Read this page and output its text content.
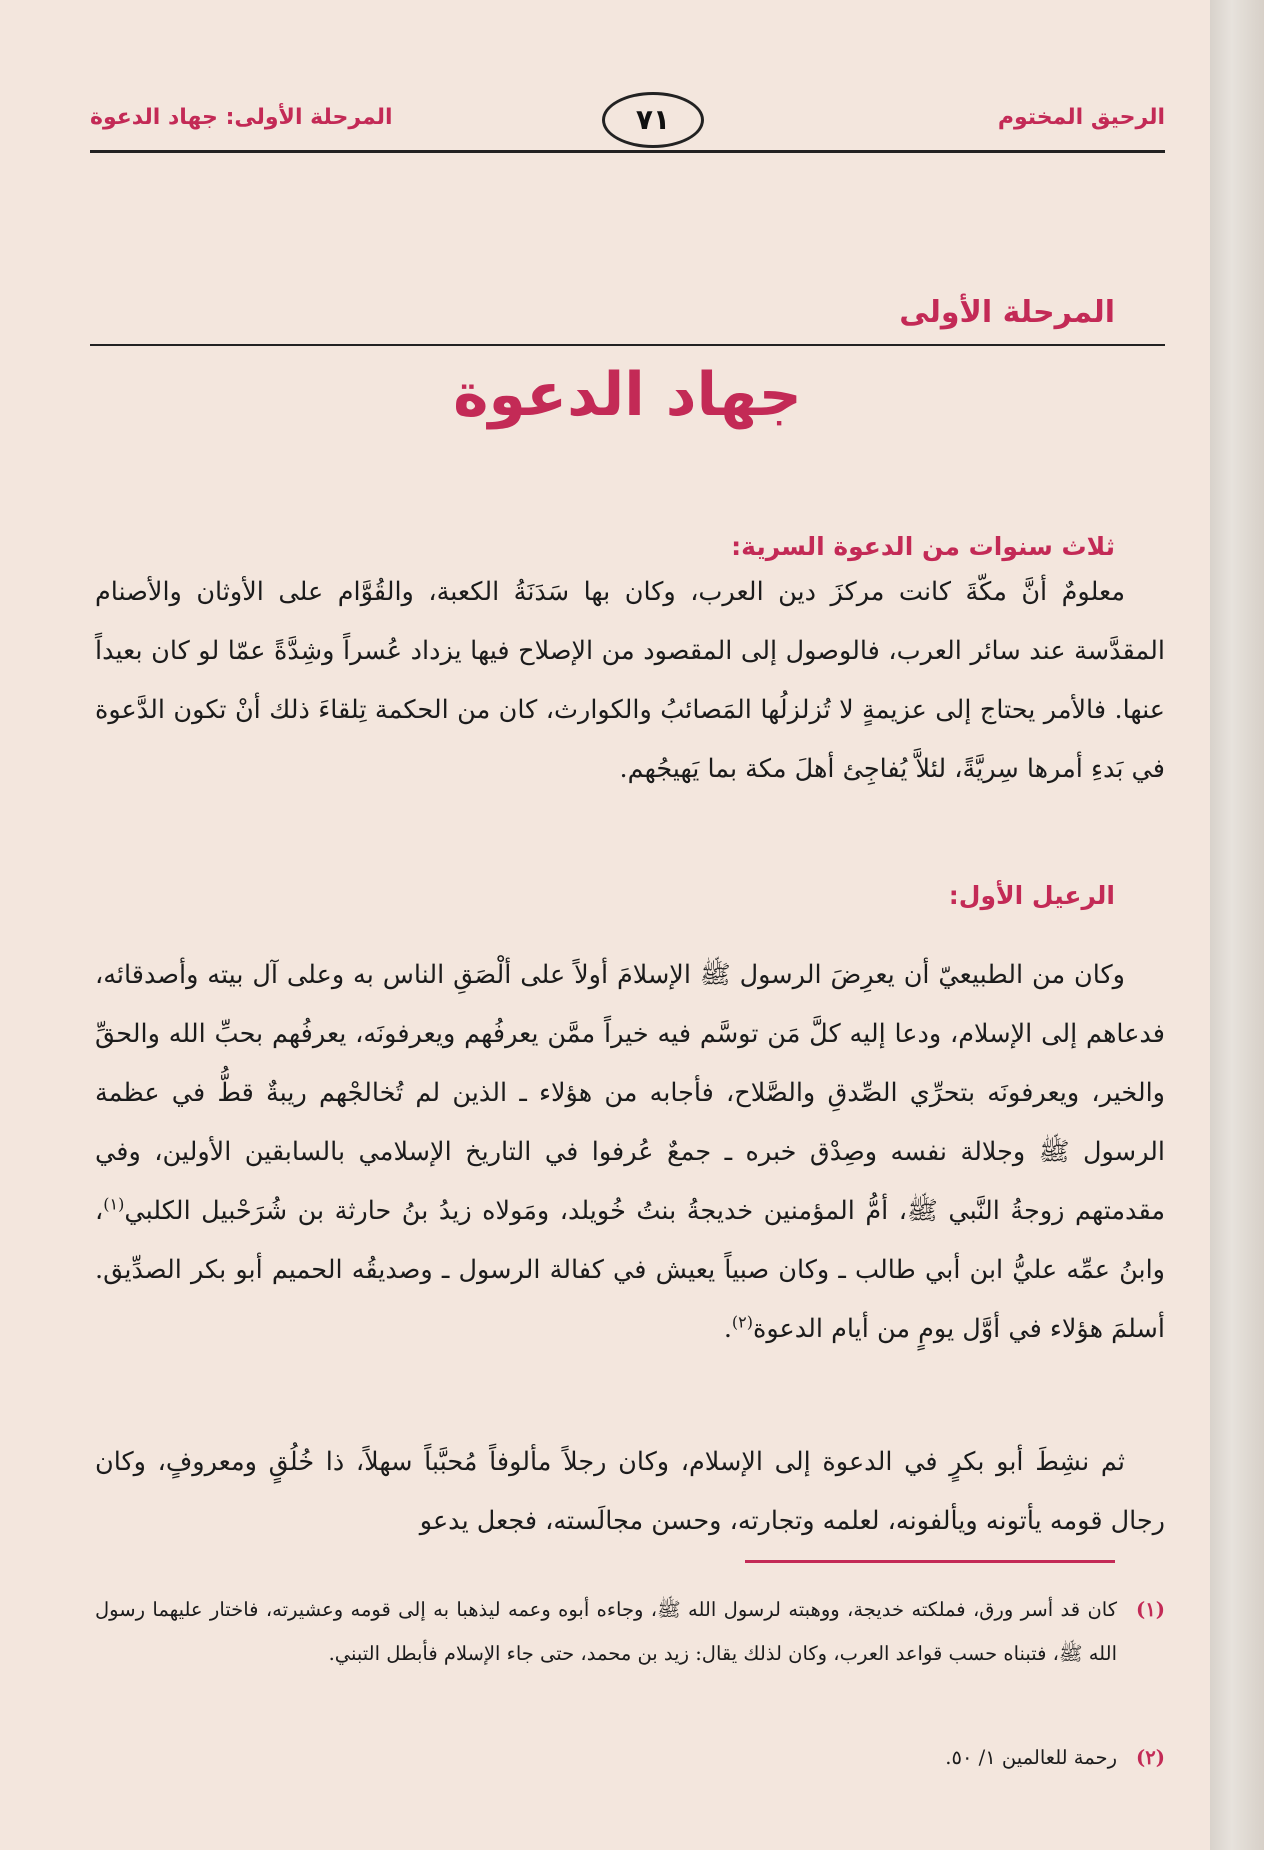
الرحيق المختوم
٧١
المرحلة الأولى: جهاد الدعوة
المرحلة الأولى
جهاد الدعوة
ثلاث سنوات من الدعوة السرية:
معلومٌ أنَّ مكّةَ كانت مركزَ دين العرب، وكان بها سَدَنَةُ الكعبة، والقُوَّام على الأوثان والأصنام المقدَّسة عند سائر العرب، فالوصول إلى المقصود من الإصلاح فيها يزداد عُسراً وشِدَّةً عمّا لو كان بعيداً عنها. فالأمر يحتاج إلى عزيمةٍ لا تُزلزلُها المَصائبُ والكوارث، كان من الحكمة تِلقاءَ ذلك أنْ تكون الدَّعوة في بَدءِ أمرها سِريَّةً، لئلاَّ يُفاجِئ أهلَ مكة بما يَهيجُهم.
الرعيل الأول:
وكان من الطبيعيّ أن يعرِضَ الرسول ﷺ الإسلامَ أولاً على ألْصَقِ الناس به وعلى آل بيته وأصدقائه، فدعاهم إلى الإسلام، ودعا إليه كلَّ مَن توسَّم فيه خيراً ممَّن يعرفُهم ويعرفونَه، يعرفُهم بحبِّ الله والحقِّ والخير، ويعرفونَه بتحرِّي الصِّدقِ والصَّلاح، فأجابه من هؤلاء ـ الذين لم تُخالجْهم ريبةٌ قطُّ في عظمة الرسول ﷺ وجلالة نفسه وصِدْق خبره ـ جمعٌ عُرفوا في التاريخ الإسلامي بالسابقين الأولين، وفي مقدمتهم زوجةُ النَّبي ﷺ، أمُّ المؤمنين خديجةُ بنتُ خُويلد، ومَولاه زيدُ بنُ حارثة بن شُرَحْبيل الكلبي$^{(١)}$، وابنُ عمِّه عليُّ ابن أبي طالب ـ وكان صبياً يعيش في كفالة الرسول ـ وصديقُه الحميم أبو بكر الصدِّيق. أسلمَ هؤلاء في أوَّل يومٍ من أيام الدعوة$^{(٢)}$.
ثم نشِطَ أبو بكرٍ في الدعوة إلى الإسلام، وكان رجلاً مألوفاً مُحبَّباً سهلاً، ذا خُلُقٍ ومعروفٍ، وكان رجال قومه يأتونه ويألفونه، لعلمه وتجارته، وحسن مجالَسته، فجعل يدعو
(١)
كان قد أسر ورق، فملكته خديجة، ووهبته لرسول الله ﷺ، وجاءه أبوه وعمه ليذهبا به إلى قومه وعشيرته، فاختار عليهما رسول الله ﷺ، فتبناه حسب قواعد العرب، وكان لذلك يقال: زيد بن محمد، حتى جاء الإسلام فأبطل التبني.
(٢)
رحمة للعالمين ١/ ٥٠.
